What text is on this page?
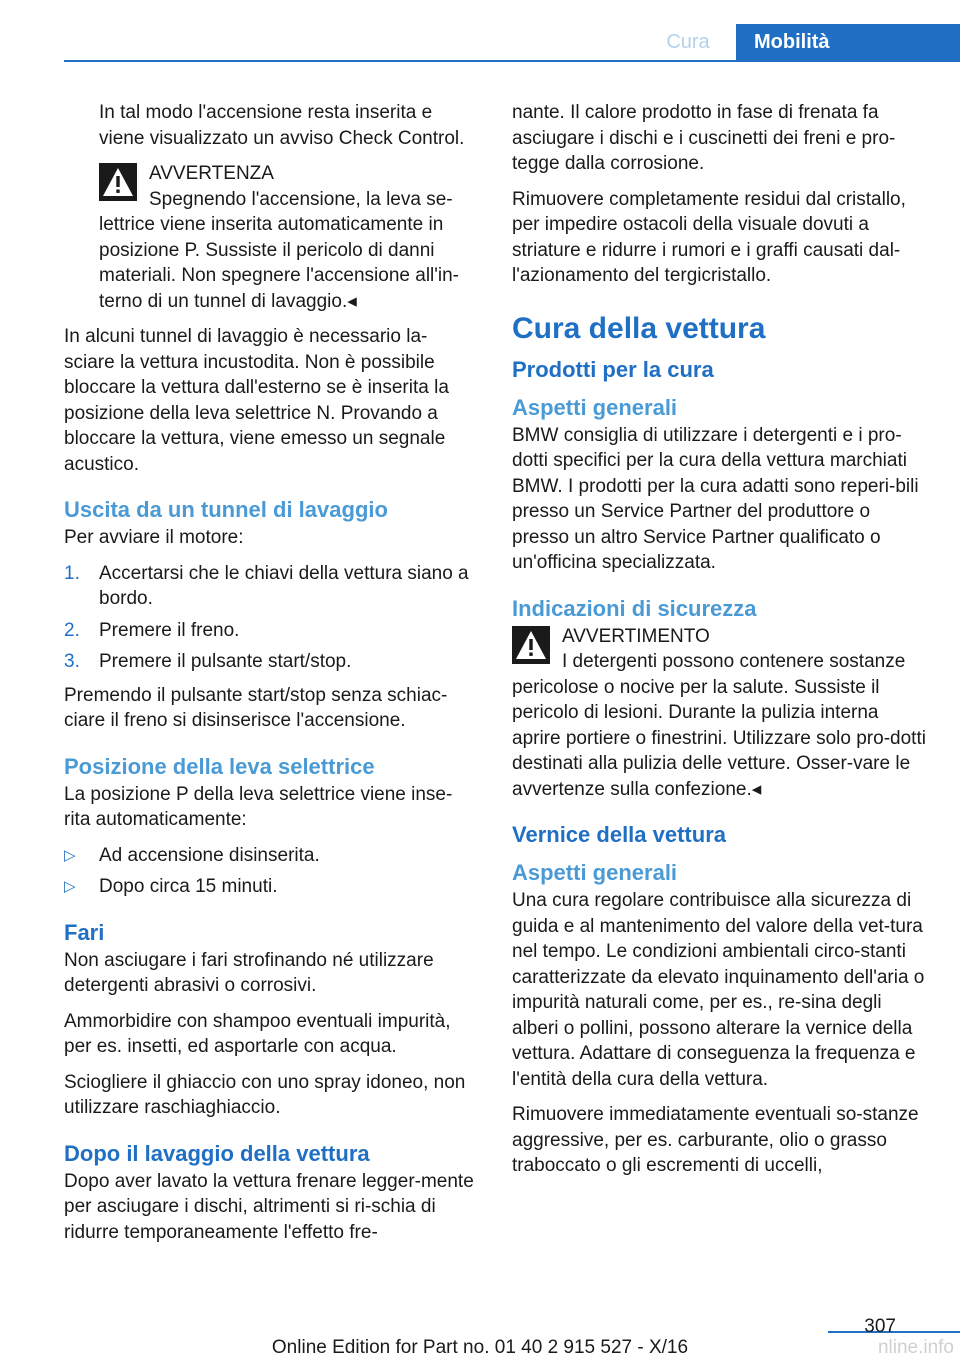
Cura	Mobilità

In tal modo l'accensione resta inserita e viene visualizzato un avviso Check Control.

AVVERTENZA

Spegnendo l'accensione, la leva se-

lettrice viene inserita automaticamente in posizione P. Sussiste il pericolo di danni materiali. Non spegnere l'accensione all'in-terno di un tunnel di lavaggio.◂

In alcuni tunnel di lavaggio è necessario la-sciare la vettura incustodita. Non è possibile bloccare la vettura dall'esterno se è inserita la posizione della leva selettrice N. Provando a bloccare la vettura, viene emesso un segnale acustico.

Uscita da un tunnel di lavaggio

Per avviare il motore:

1. Accertarsi che le chiavi della vettura siano a bordo.
2. Premere il freno.
3. Premere il pulsante start/stop.

Premendo il pulsante start/stop senza schiac-ciare il freno si disinserisce l'accensione.

Posizione della leva selettrice

La posizione P della leva selettrice viene inse-rita automaticamente:

▷ Ad accensione disinserita.
▷ Dopo circa 15 minuti.
Fari

Non asciugare i fari strofinando né utilizzare detergenti abrasivi o corrosivi.

Ammorbidire con shampoo eventuali impurità, per es. insetti, ed asportarle con acqua.

Sciogliere il ghiaccio con uno spray idoneo, non utilizzare raschiaghiaccio.

Dopo il lavaggio della vettura

Dopo aver lavato la vettura frenare legger-mente per asciugare i dischi, altrimenti si ri-schia di ridurre temporaneamente l'effetto fre-

nante. Il calore prodotto in fase di frenata fa asciugare i dischi e i cuscinetti dei freni e pro-tegge dalla corrosione.

Rimuovere completamente residui dal cristallo, per impedire ostacoli della visuale dovuti a striature e ridurre i rumori e i graffi causati dal-l'azionamento del tergicristallo.

Cura della vettura
Prodotti per la cura
Aspetti generali

BMW consiglia di utilizzare i detergenti e i pro-dotti specifici per la cura della vettura marchiati BMW. I prodotti per la cura adatti sono reperi-bili presso un Service Partner del produttore o presso un altro Service Partner qualificato o un'officina specializzata.

Indicazioni di sicurezza

AVVERTIMENTO

I detergenti possono contenere sostanze

pericolose o nocive per la salute. Sussiste il pericolo di lesioni. Durante la pulizia interna aprire portiere o finestrini. Utilizzare solo pro-dotti destinati alla pulizia delle vetture. Osser-vare le avvertenze sulla confezione.◂

Vernice della vettura
Aspetti generali

Una cura regolare contribuisce alla sicurezza di guida e al mantenimento del valore della vet-tura nel tempo. Le condizioni ambientali circo-stanti caratterizzate da elevato inquinamento dell'aria o impurità naturali come, per es., re-sina degli alberi o pollini, possono alterare la vernice della vettura. Adattare di conseguenza la frequenza e l'entità della cura della vettura.

Rimuovere immediatamente eventuali so-stanze aggressive, per es. carburante, olio o grasso traboccato o gli escrementi di uccelli,

307
Online Edition for Part no. 01 40 2 915 527 - X/16	nline.info
